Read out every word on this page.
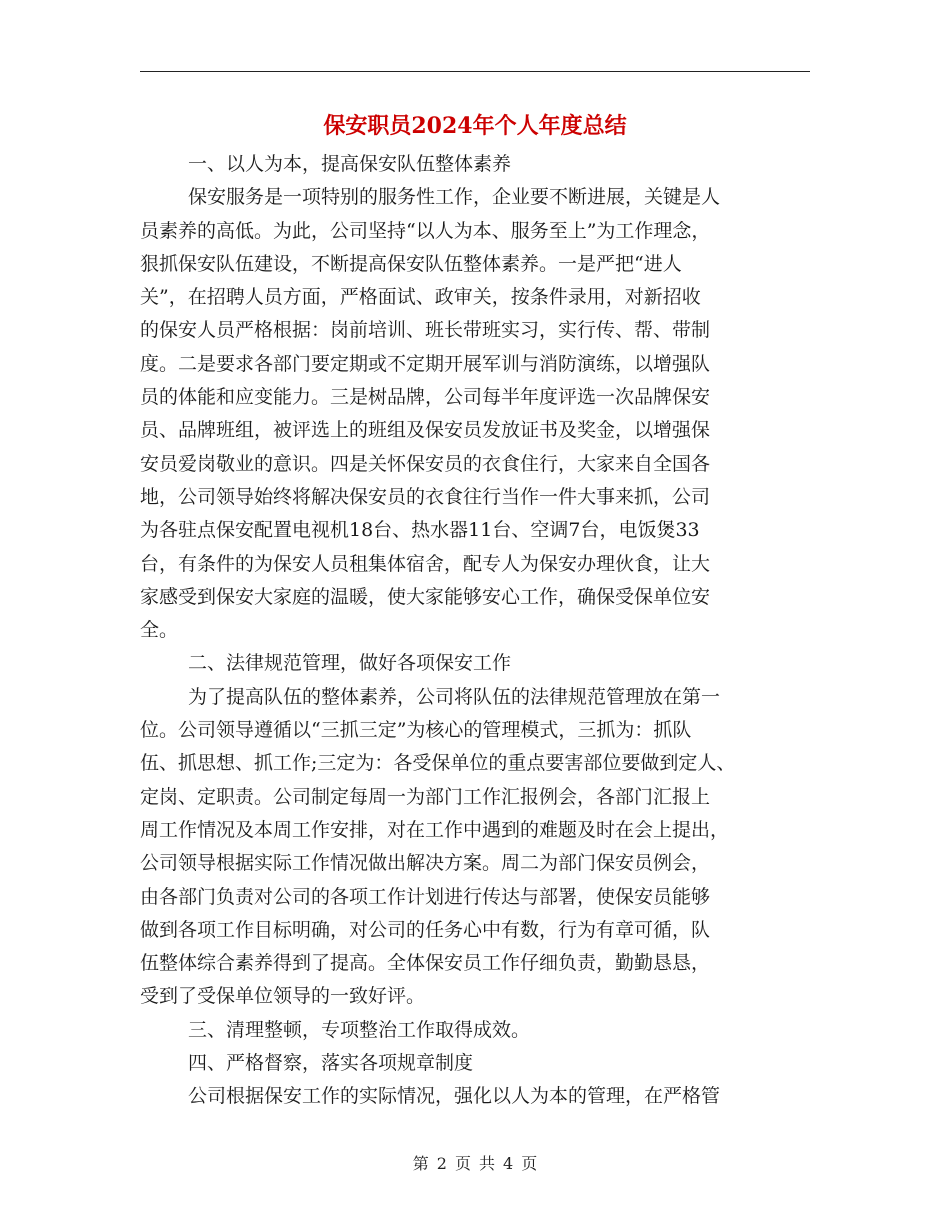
保安职员2024年个人年度总结
一、以人为本，提高保安队伍整体素养
保安服务是一项特别的服务性工作，企业要不断进展，关键是人
员素养的高低。为此，公司坚持“以人为本、服务至上”为工作理念，
狠抓保安队伍建设，不断提高保安队伍整体素养。一是严把“进人
关”，在招聘人员方面，严格面试、政审关，按条件录用，对新招收
的保安人员严格根据：岗前培训、班长带班实习，实行传、帮、带制
度。二是要求各部门要定期或不定期开展军训与消防演练，以增强队
员的体能和应变能力。三是树品牌，公司每半年度评选一次品牌保安
员、品牌班组，被评选上的班组及保安员发放证书及奖金，以增强保
安员爱岗敬业的意识。四是关怀保安员的衣食住行，大家来自全国各
地，公司领导始终将解决保安员的衣食往行当作一件大事来抓，公司
为各驻点保安配置电视机18台、热水器11台、空调7台，电饭煲33
台，有条件的为保安人员租集体宿舍，配专人为保安办理伙食，让大
家感受到保安大家庭的温暖，使大家能够安心工作，确保受保单位安
全。
二、法律规范管理，做好各项保安工作
为了提高队伍的整体素养，公司将队伍的法律规范管理放在第一
位。公司领导遵循以“三抓三定”为核心的管理模式，三抓为：抓队
伍、抓思想、抓工作;三定为：各受保单位的重点要害部位要做到定人、
定岗、定职责。公司制定每周一为部门工作汇报例会，各部门汇报上
周工作情况及本周工作安排，对在工作中遇到的难题及时在会上提出，
公司领导根据实际工作情况做出解决方案。周二为部门保安员例会，
由各部门负责对公司的各项工作计划进行传达与部署，使保安员能够
做到各项工作目标明确，对公司的任务心中有数，行为有章可循，队
伍整体综合素养得到了提高。全体保安员工作仔细负责，勤勤恳恳，
受到了受保单位领导的一致好评。
三、清理整顿，专项整治工作取得成效。
四、严格督察，落实各项规章制度
公司根据保安工作的实际情况，强化以人为本的管理，在严格管
第 2 页 共 4 页
